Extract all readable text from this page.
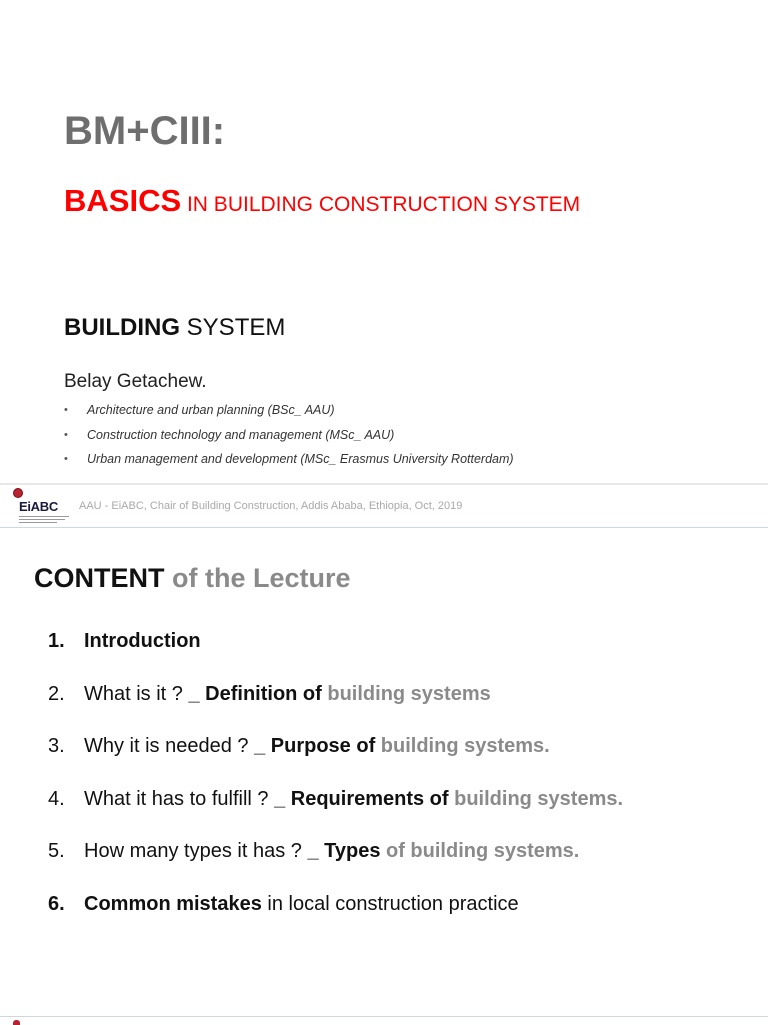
BM+CIII:
BASICS IN BUILDING CONSTRUCTION SYSTEM
BUILDING SYSTEM
Belay Getachew.
• Architecture and urban planning (BSc_ AAU)
• Construction technology and management (MSc_ AAU)
• Urban management and development (MSc_ Erasmus University Rotterdam)
EiABC AAU - EiABC, Chair of Building Construction, Addis Ababa, Ethiopia, Oct, 2019
CONTENT of the Lecture
1. Introduction
2. What is it ? _ Definition of building systems
3. Why it is needed ? _ Purpose of building systems.
4. What it has to fulfill ? _ Requirements of building systems.
5. How many types it has ? _ Types of building systems.
6. Common mistakes in local construction practice
